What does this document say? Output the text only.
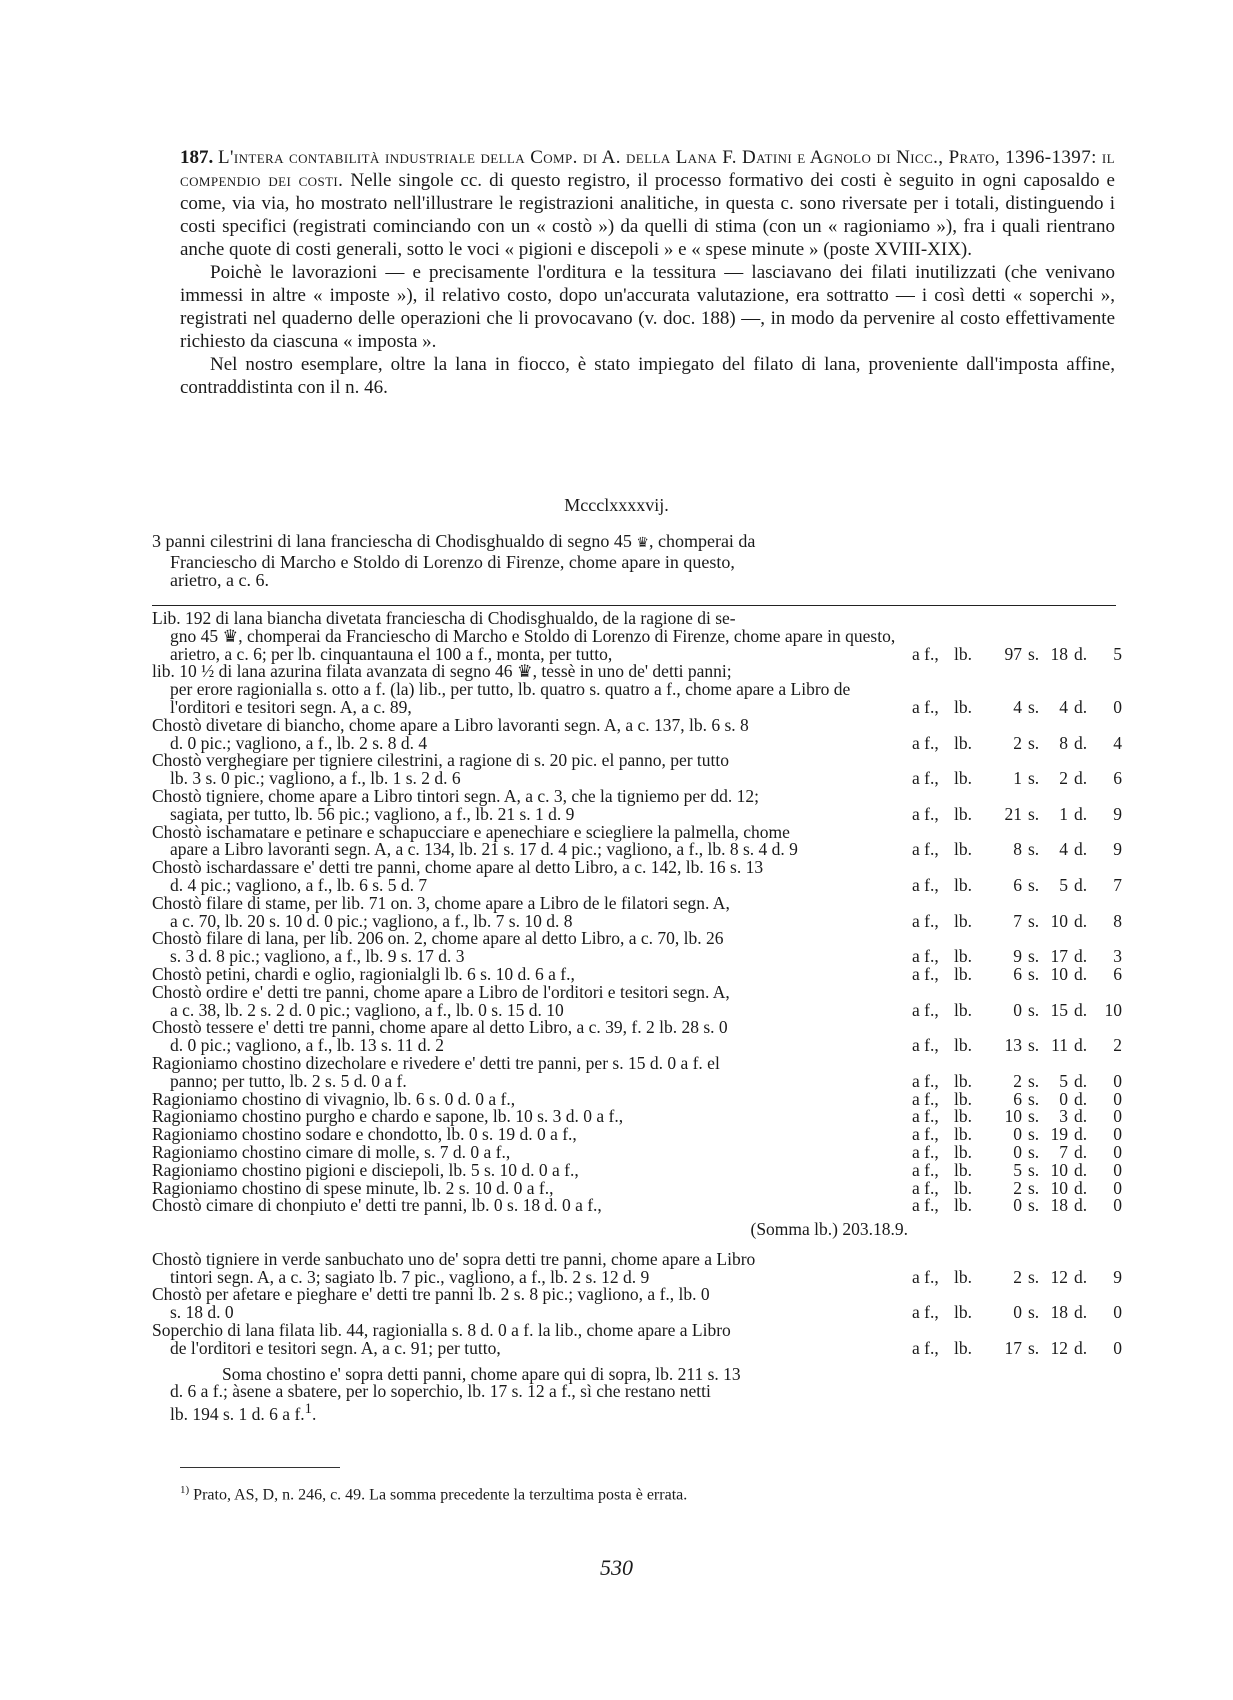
187. L'intera contabilità industriale della Comp. di A. della Lana F. Datini e Agnolo di Nicc., Prato, 1396-1397: il compendio dei costi. Nelle singole cc. di questo registro, il processo formativo dei costi è seguito in ogni caposaldo e come, via via, ho mostrato nell'illustrare le registrazioni analitiche, in questa c. sono riversate per i totali, distinguendo i costi specifici (registrati cominciando con un « costò ») da quelli di stima (con un « ragioniamo »), fra i quali rientrano anche quote di costi generali, sotto le voci « pigioni e discepoli » e « spese minute » (poste XVIII-XIX).

Poichè le lavorazioni — e precisamente l'orditura e la tessitura — lasciavano dei filati inutilizzati (che venivano immessi in altre « imposte »), il relativo costo, dopo un'accurata valutazione, era sottratto — i così detti « soperchi », registrati nel quaderno delle operazioni che li provocavano (v. doc. 188) —, in modo da pervenire al costo effettivamente richiesto da ciascuna « imposta ».

Nel nostro esemplare, oltre la lana in fiocco, è stato impiegato del filato di lana, proveniente dall'imposta affine, contraddistinta con il n. 46.

Mccclxxxxvij.
3 panni cilestrini di lana franciescha di Chodisghualdo di segno 45 ♛, chomperai da
Franciescho di Marcho e Stoldo di Lorenzo di Firenze, chome apare in questo,
arietro, a c. 6.
Lib. 192 di lana biancha divetata franciescha di Chodisghualdo, de la ragione di se-
gno 45 ♛, chomperai da Franciescho di Marcho e Stoldo di Lorenzo di Firenze, chome apare in questo, arietro, a c. 6; per lb. cinquantauna el 100 a f., monta, per tutto,	a f., lb.	97 s. 18 d.	5
lib. 10 ½ di lana azurina filata avanzata di segno 46 ♛, tessè in uno de' detti panni;
per erore ragionialla s. otto a f. (la) lib., per tutto, lb. quatro s. quatro a f., chome apare a Libro de l'orditori e tesitori segn. A, a c. 89,	a f., lb.	4 s.	4 d.	0
Chostò divetare di biancho, chome apare a Libro lavoranti segn. A, a c. 137, lb. 6 s. 8
d. 0 pic.; vagliono, a f., lb. 2 s. 8 d. 4	a f., lb.	2 s.	8 d.	4
Chostò verghegiare per tigniere cilestrini, a ragione di s. 20 pic. el panno, per tutto
lb. 3 s. 0 pic.; vagliono, a f., lb. 1 s. 2 d. 6	a f., lb.	1 s.	2 d.	6
Chostò tigniere, chome apare a Libro tintori segn. A, a c. 3, che la tigniemo per dd. 12;
sagiata, per tutto, lb. 56 pic.; vagliono, a f., lb. 21 s. 1 d. 9	a f., lb.	21 s.	1 d.	9
Chostò ischamatare e petinare e schapucciare e apenechiare e sciegliere la palmella, chome
apare a Libro lavoranti segn. A, a c. 134, lb. 21 s. 17 d. 4 pic.; vagliono, a f., lb. 8 s. 4 d. 9	a f., lb.	8 s.	4 d.	9
Chostò ischardassare e' detti tre panni, chome apare al detto Libro, a c. 142, lb. 16 s. 13
d. 4 pic.; vagliono, a f., lb. 6 s. 5 d. 7	a f., lb.	6 s.	5 d.	7
Chostò filare di stame, per lib. 71 on. 3, chome apare a Libro de le filatori segn. A,
a c. 70, lb. 20 s. 10 d. 0 pic.; vagliono, a f., lb. 7 s. 10 d. 8	a f., lb.	7 s. 10 d.	8
Chostò filare di lana, per lib. 206 on. 2, chome apare al detto Libro, a c. 70, lb. 26
s. 3 d. 8 pic.; vagliono, a f., lb. 9 s. 17 d. 3	a f., lb.	9 s. 17 d.	3
Chostò petini, chardi e oglio, ragionialgli lb. 6 s. 10 d. 6 a f.,	a f., lb.	6 s. 10 d.	6
Chostò ordire e' detti tre panni, chome apare a Libro de l'orditori e tesitori segn. A,
a c. 38, lb. 2 s. 2 d. 0 pic.; vagliono, a f., lb. 0 s. 15 d. 10	a f., lb.	0 s. 15 d. 10
Chostò tessere e' detti tre panni, chome apare al detto Libro, a c. 39, f. 2 lb. 28 s. 0
d. 0 pic.; vagliono, a f., lb. 13 s. 11 d. 2	a f., lb.	13 s. 11 d.	2
Ragioniamo chostino dizecholare e rivedere e' detti tre panni, per s. 15 d. 0 a f. el
panno; per tutto, lb. 2 s. 5 d. 0 a f.	a f., lb.	2 s.	5 d.	0
Ragioniamo chostino di vivagnio, lb. 6 s. 0 d. 0 a f.,	a f., lb.	6 s.	0 d.	0
Ragioniamo chostino purgho e chardo e sapone, lb. 10 s. 3 d. 0 a f.,	a f., lb.	10 s.	3 d.	0
Ragioniamo chostino sodare e chondotto, lb. 0 s. 19 d. 0 a f.,	a f., lb.	0 s. 19 d.	0
Ragioniamo chostino cimare di molle, s. 7 d. 0 a f.,	a f., lb.	0 s.	7 d.	0
Ragioniamo chostino pigioni e disciepoli, lb. 5 s. 10 d. 0 a f.,	a f., lb.	5 s. 10 d.	0
Ragioniamo chostino di spese minute, lb. 2 s. 10 d. 0 a f.,	a f., lb.	2 s. 10 d.	0
Chostò cimare di chonpiuto e' detti tre panni, lb. 0 s. 18 d. 0 a f.,	a f., lb.	0 s. 18 d.	0
(Somma lb.) 203.18.9.
Chostò tigniere in verde sanbuchato uno de' sopra detti tre panni, chome apare a Libro
tintori segn. A, a c. 3; sagiato lb. 7 pic., vagliono, a f., lb. 2 s. 12 d. 9	a f., lb.	2 s. 12 d.	9
Chostò per afetare e pieghare e' detti tre panni lb. 2 s. 8 pic.; vagliono, a f., lb. 0
s. 18 d. 0	a f., lb.	0 s. 18 d.	0
Soperchio di lana filata lib. 44, ragionialla s. 8 d. 0 a f. la lib., chome apare a Libro
de l'orditori e tesitori segn. A, a c. 91; per tutto,	a f., lb.	17 s. 12 d.	0
Soma chostino e' sopra detti panni, chome apare qui di sopra, lb. 211 s. 13
d. 6 a f.; àsene a sbatere, per lo soperchio, lb. 17 s. 12 a f., sì che restano netti
lb. 194 s. 1 d. 6 a f.$^1$.
$^{1)}$ Prato, AS, D, n. 246, c. 49. La somma precedente la terzultima posta è errata.
530
